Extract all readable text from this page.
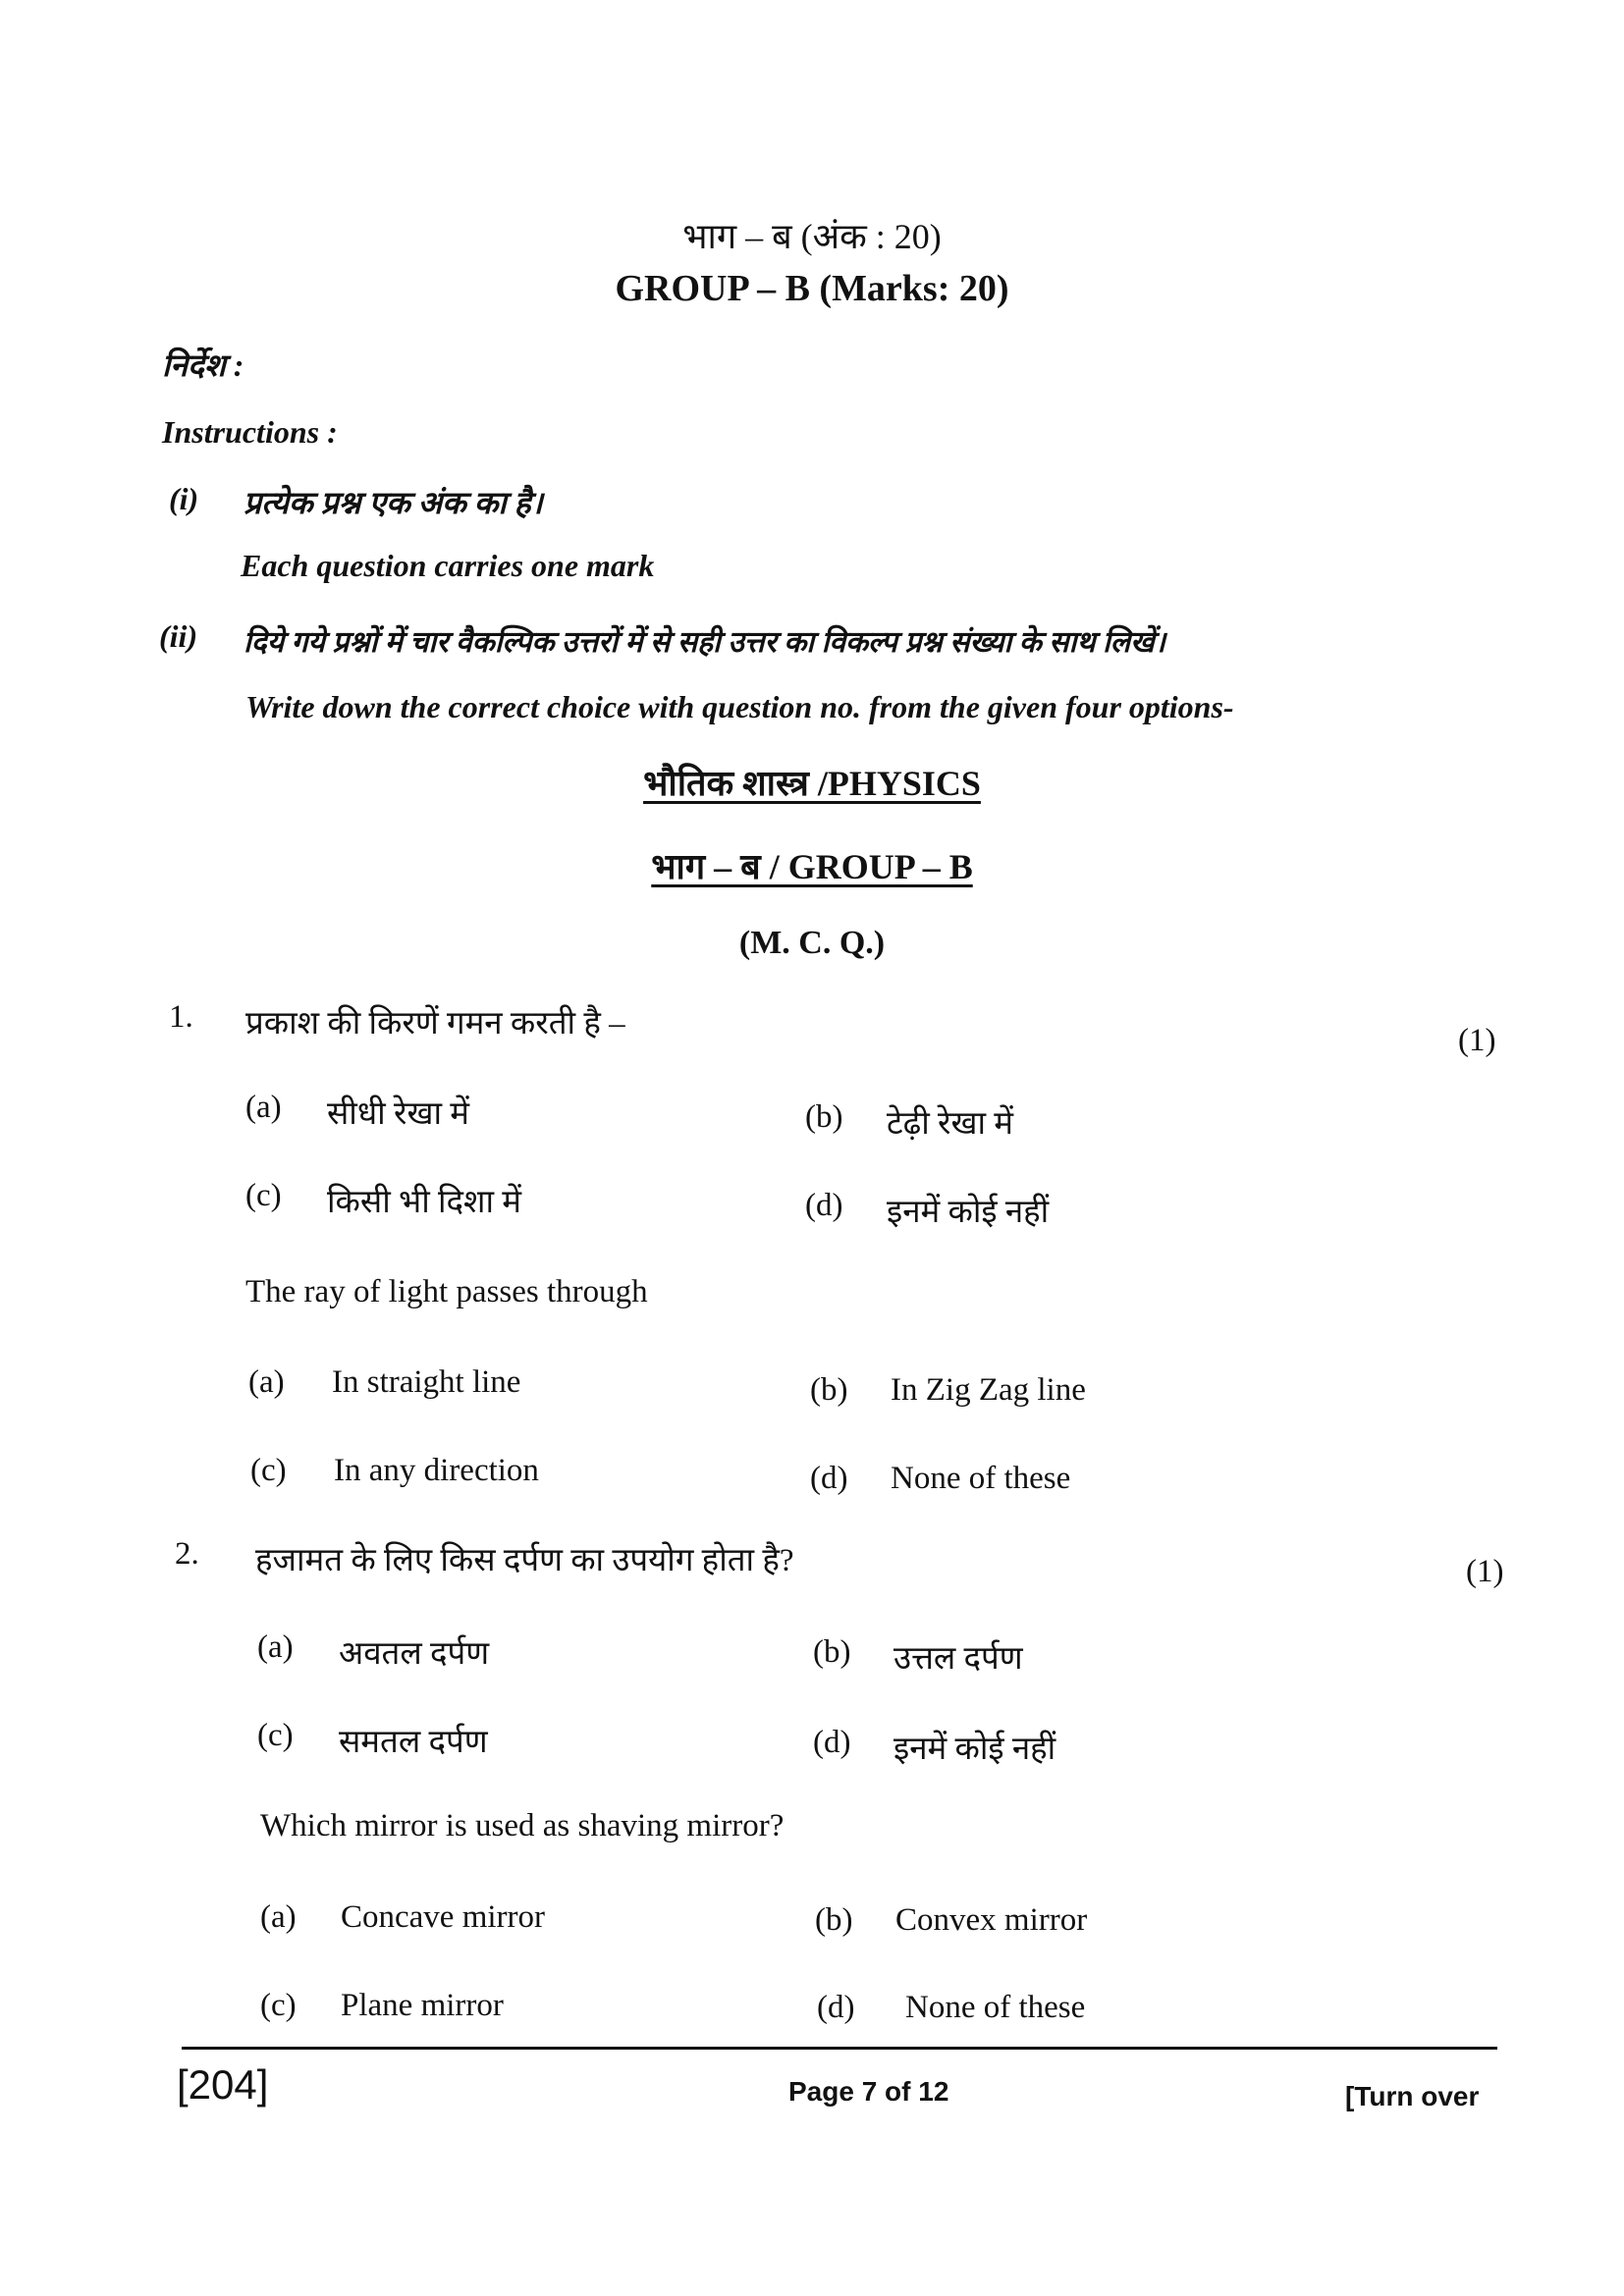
भाग – ब (अंक : 20)
GROUP – B (Marks: 20)
निर्देश :
Instructions :
(i) प्रत्येक प्रश्न एक अंक का है।
Each question carries one mark
(ii) दिये गये प्रश्नों में चार वैकल्पिक उत्तरों में से सही उत्तर का विकल्प प्रश्न संख्या के साथ लिखें।
Write down the correct choice with question no. from the given four options-
भौतिक शास्त्र /PHYSICS
भाग – ब / GROUP – B
(M. C. Q.)
1. प्रकाश की किरणें गमन करती है –	(1)
(a) सीधी रेखा में	(b) टेढ़ी रेखा में
(c) किसी भी दिशा में	(d) इनमें कोई नहीं
The ray of light passes through
(a) In straight line	(b) In Zig Zag line
(c) In any direction	(d) None of these
2. हजामत के लिए किस दर्पण का उपयोग होता है?	(1)
(a) अवतल दर्पण	(b) उत्तल दर्पण
(c) समतल दर्पण	(d) इनमें कोई नहीं
Which mirror is used as shaving mirror?
(a) Concave mirror	(b) Convex mirror
(c) Plane mirror	(d) None of these
[204]	Page 7 of 12	[Turn over
